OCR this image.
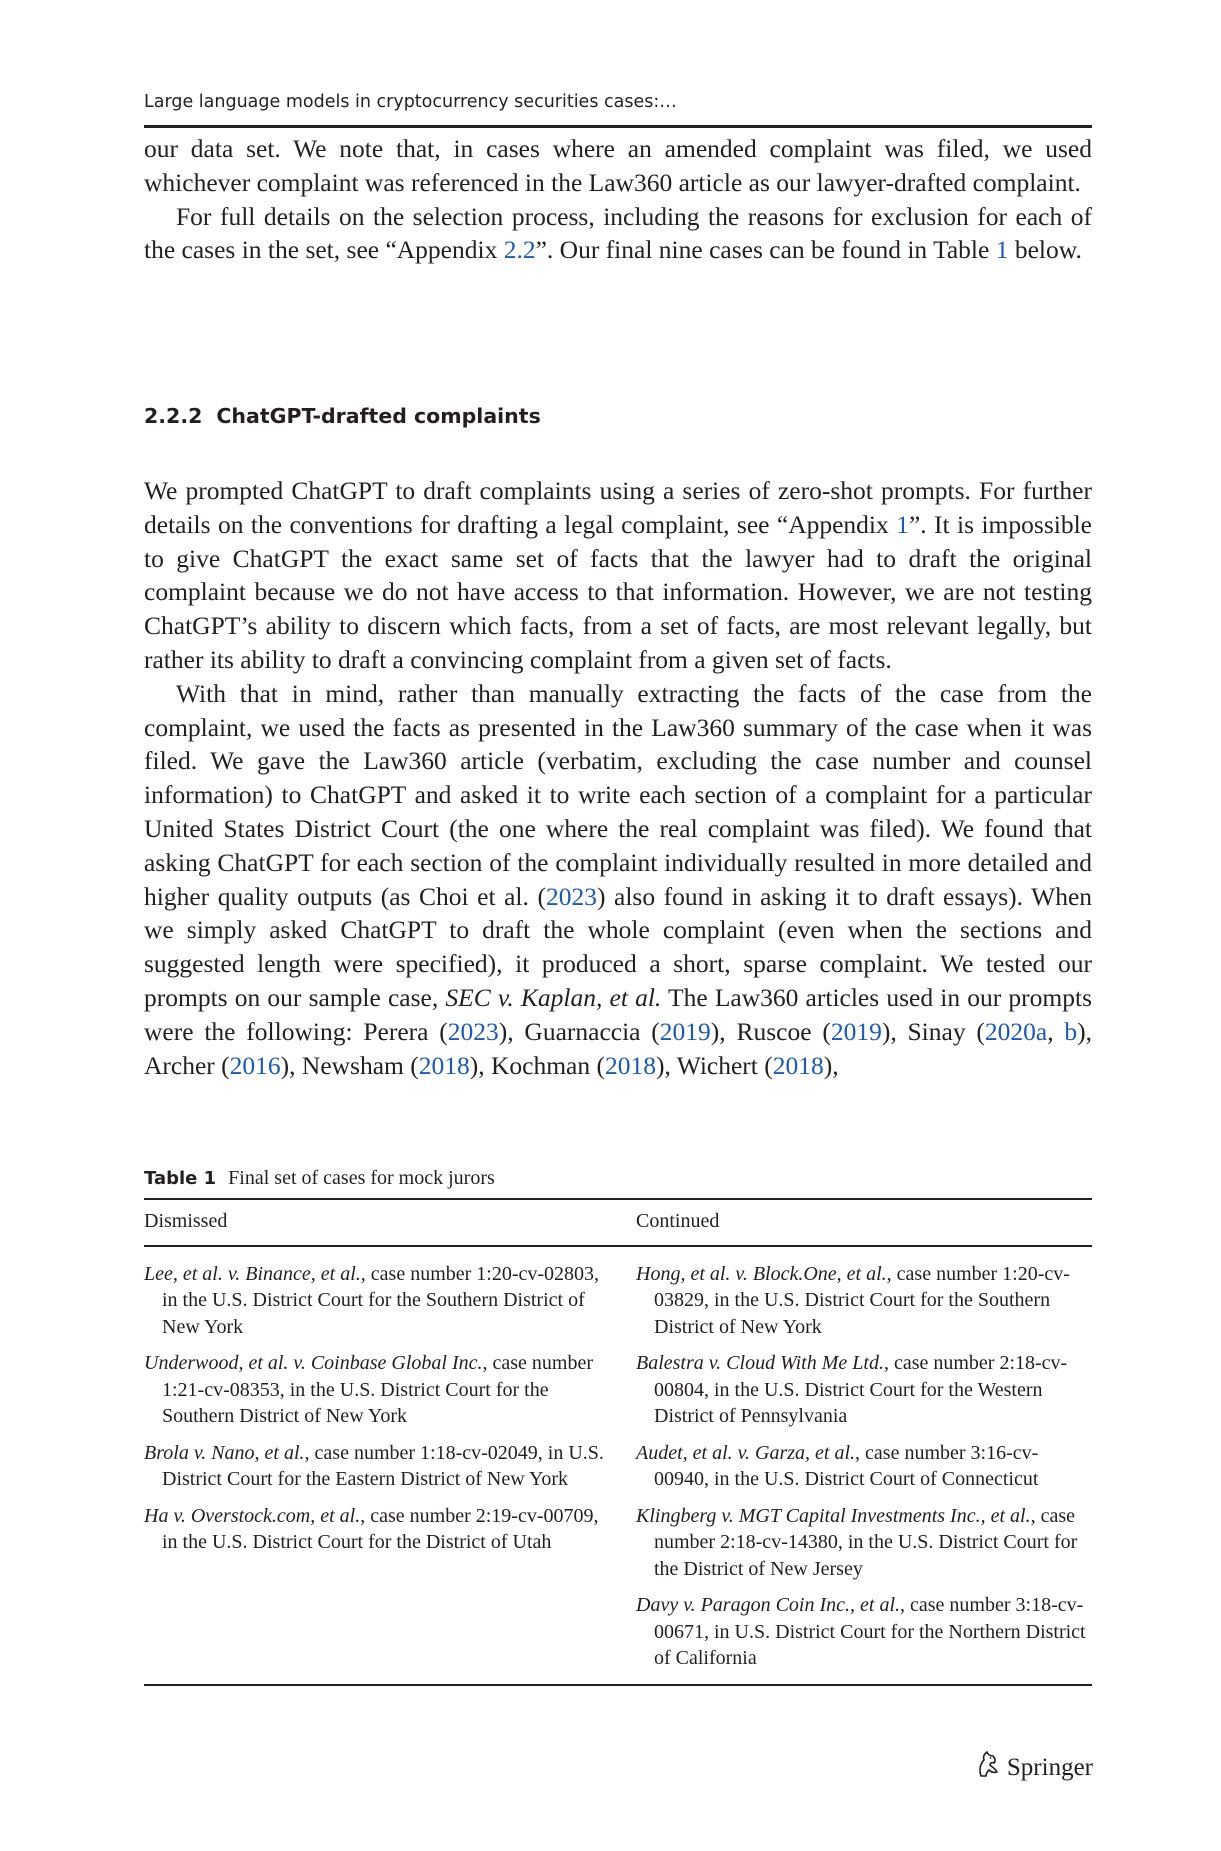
Large language models in cryptocurrency securities cases:…

our data set. We note that, in cases where an amended complaint was filed, we used whichever complaint was referenced in the Law360 article as our lawyer-drafted complaint.

For full details on the selection process, including the reasons for exclusion for each of the cases in the set, see “Appendix 2.2”. Our final nine cases can be found in Table 1 below.

2.2.2 ChatGPT-drafted complaints

We prompted ChatGPT to draft complaints using a series of zero-shot prompts. For further details on the conventions for drafting a legal complaint, see “Appendix 1”. It is impossible to give ChatGPT the exact same set of facts that the lawyer had to draft the original complaint because we do not have access to that information. However, we are not testing ChatGPT’s ability to discern which facts, from a set of facts, are most relevant legally, but rather its ability to draft a convincing complaint from a given set of facts.

With that in mind, rather than manually extracting the facts of the case from the complaint, we used the facts as presented in the Law360 summary of the case when it was filed. We gave the Law360 article (verbatim, excluding the case number and counsel information) to ChatGPT and asked it to write each section of a complaint for a particular United States District Court (the one where the real complaint was filed). We found that asking ChatGPT for each section of the complaint individually resulted in more detailed and higher quality outputs (as Choi et al. (2023) also found in asking it to draft essays). When we simply asked ChatGPT to draft the whole complaint (even when the sections and suggested length were specified), it produced a short, sparse complaint. We tested our prompts on our sample case, SEC v. Kaplan, et al. The Law360 articles used in our prompts were the following: Perera (2023), Guarnaccia (2019), Ruscoe (2019), Sinay (2020a, b), Archer (2016), Newsham (2018), Kochman (2018), Wichert (2018),

Table 1 Final set of cases for mock jurors
Dismissed	Continued

Lee, et al. v. Binance, et al., case number 1:20-cv-02803, in the U.S. District Court for the Southern District of New York	Hong, et al. v. Block.One, et al., case number 1:20-cv-03829, in the U.S. District Court for the Southern District of New York

Underwood, et al. v. Coinbase Global Inc., case number 1:21-cv-08353, in the U.S. District Court for the Southern District of New York	Balestra v. Cloud With Me Ltd., case number 2:18-cv-00804, in the U.S. District Court for the Western District of Pennsylvania

Brola v. Nano, et al., case number 1:18-cv-02049, in U.S. District Court for the Eastern District of New York	Audet, et al. v. Garza, et al., case number 3:16-cv-00940, in the U.S. District Court of Connecticut

Ha v. Overstock.com, et al., case number 2:19-cv-00709, in the U.S. District Court for the District of Utah	Klingberg v. MGT Capital Investments Inc., et al., case number 2:18-cv-14380, in the U.S. District Court for the District of New Jersey

	Davy v. Paragon Coin Inc., et al., case number 3:18-cv-00671, in U.S. District Court for the Northern District of California

Springer
